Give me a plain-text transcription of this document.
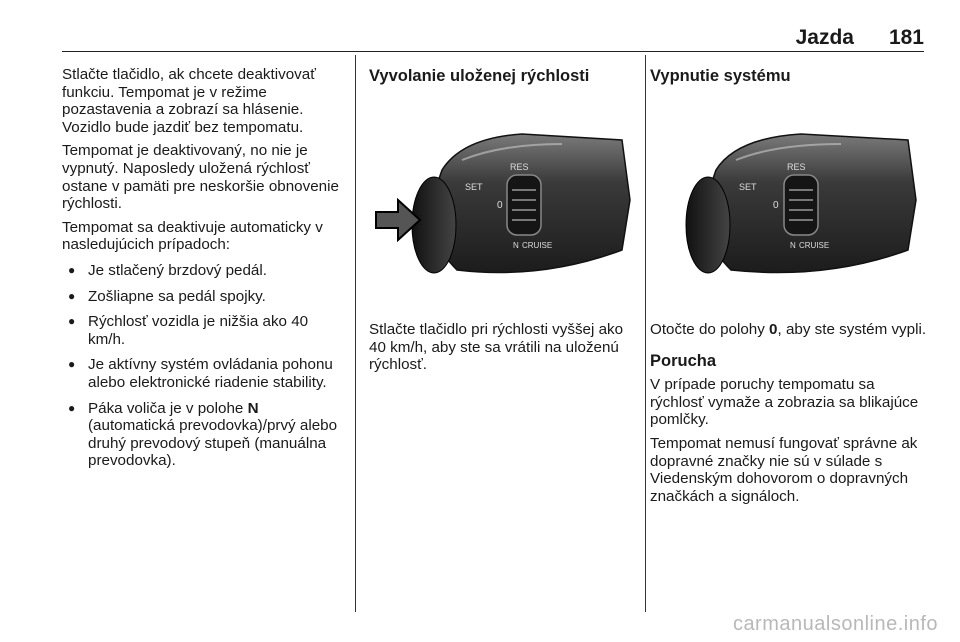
Jazda 181

Stlačte tlačidlo, ak chcete deaktivovať funkciu. Tempomat je v režime pozastavenia a zobrazí sa hlásenie. Vozidlo bude jazdiť bez tempomatu.

Tempomat je deaktivovaný, no nie je vypnutý. Naposledy uložená rýchlosť ostane v pamäti pre neskoršie obnovenie rýchlosti.

Tempomat sa deaktivuje automaticky v nasledujúcich prípadoch:

● Je stlačený brzdový pedál.
● Zošliapne sa pedál spojky.
● Rýchlosť vozidla je nižšia ako 40 km/h.
● Je aktívny systém ovládania pohonu alebo elektronické riadenie stability.
● Páka voliča je v polohe N (automatická prevodovka)/prvý alebo druhý prevodový stupeň (manuálna prevodovka).
Vyvolanie uloženej rýchlosti
RES
SET
0
CRUISE
N
Stlačte tlačidlo pri rýchlosti vyššej ako 40 km/h, aby ste sa vrátili na uloženú rýchlosť.
Vypnutie systému
RES
SET
0
CRUISE
N

Otočte do polohy 0, aby ste systém vypli.

Porucha

V prípade poruchy tempomatu sa rýchlosť vymaže a zobrazia sa blikajúce pomlčky.

Tempomat nemusí fungovať správne ak dopravné značky nie sú v súlade s Viedenským dohovorom o dopravných značkách a signáloch.

carmanualsonline.info
